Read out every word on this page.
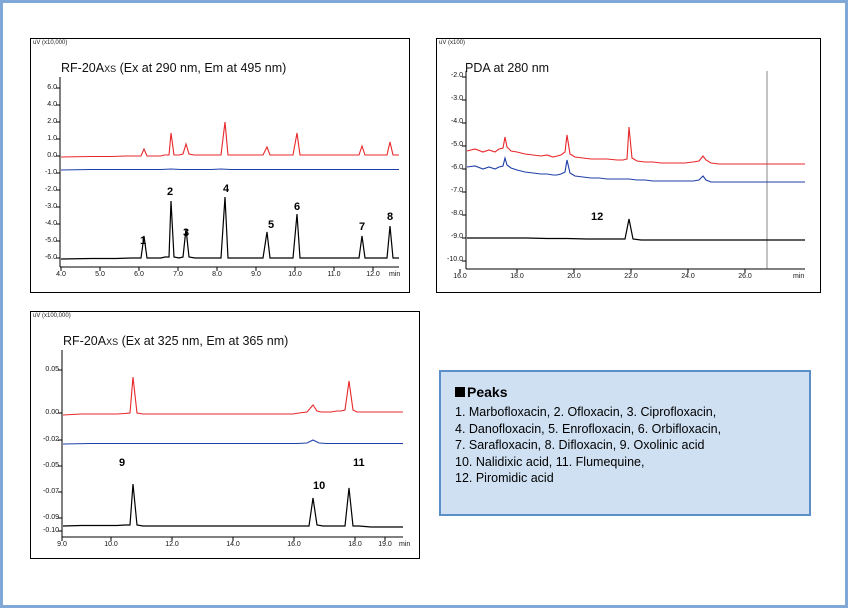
uV (x10,000)
RF-20AXS (Ex at 290 nm, Em at 495 nm)
6.0
4.0
2.0
1.0
0.0
-1.0
-2.0
-3.0
-4.0
-5.0
-6.0
4.0	5.0	6.0	7.0	8.0	9.0	10.0	11.0	12.0	min
1
2
3
4
5
6
7
8
uV (x100)
PDA at 280 nm
-2.0
-3.0
-4.0
-5.0
-6.0
-7.0
-8.0
-9.0
-10.0
16.0	18.0	20.0	22.0	24.0	26.0	min
12
uV (x100,000)
RF-20AXS (Ex at 325 nm, Em at 365 nm)
0.05
0.00
-0.02
-0.05
-0.07
-0.09
-0.10
9.0	10.0	12.0	14.0	16.0	18.0	19.0	min
9
10
11
Peaks
1. Marbofloxacin, 2. Ofloxacin, 3. Ciprofloxacin,
4. Danofloxacin, 5. Enrofloxacin, 6. Orbifloxacin,
7. Sarafloxacin, 8. Difloxacin, 9. Oxolinic acid
10. Nalidixic acid, 11. Flumequine,
12. Piromidic acid
